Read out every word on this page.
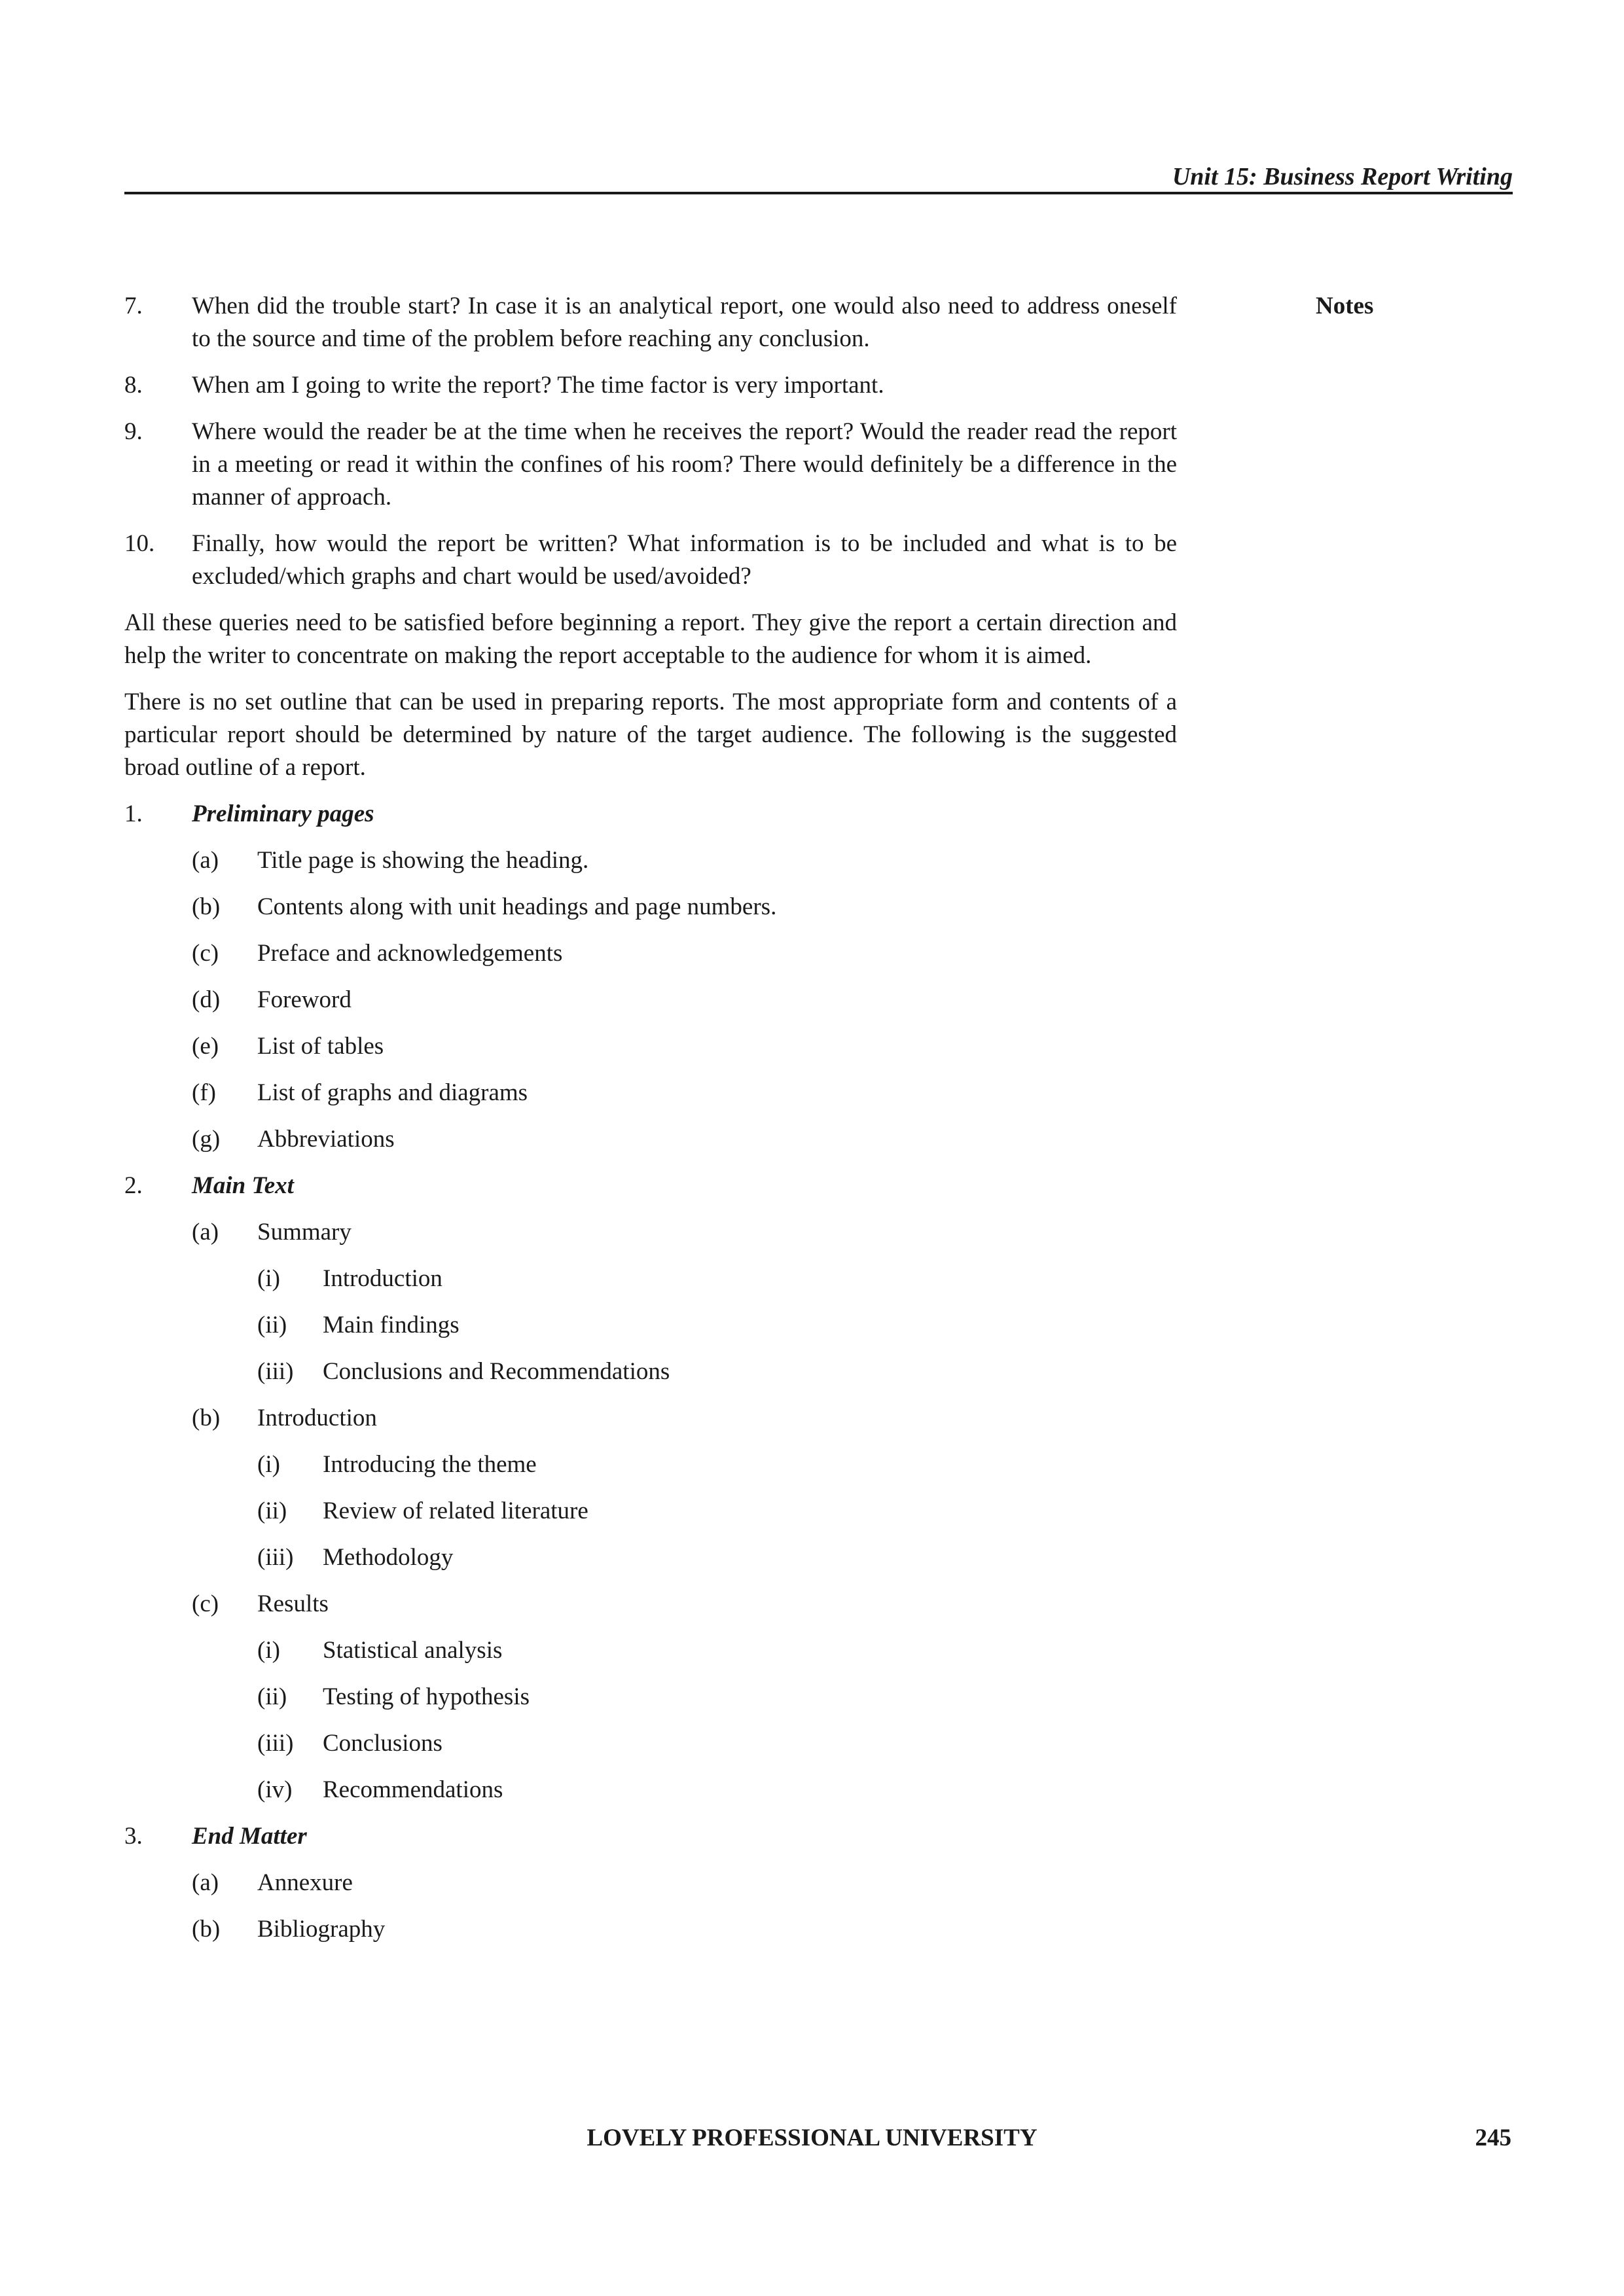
Unit 15: Business Report Writing
Notes
7. When did the trouble start? In case it is an analytical report, one would also need to address oneself to the source and time of the problem before reaching any conclusion.
8. When am I going to write the report? The time factor is very important.
9. Where would the reader be at the time when he receives the report? Would the reader read the report in a meeting or read it within the confines of his room? There would definitely be a difference in the manner of approach.
10. Finally, how would the report be written? What information is to be included and what is to be excluded/which graphs and chart would be used/avoided?
All these queries need to be satisfied before beginning a report. They give the report a certain direction and help the writer to concentrate on making the report acceptable to the audience for whom it is aimed.
There is no set outline that can be used in preparing reports. The most appropriate form and contents of a particular report should be determined by nature of the target audience. The following is the suggested broad outline of a report.
1. Preliminary pages
(a) Title page is showing the heading.
(b) Contents along with unit headings and page numbers.
(c) Preface and acknowledgements
(d) Foreword
(e) List of tables
(f) List of graphs and diagrams
(g) Abbreviations
2. Main Text
(a) Summary
(i) Introduction
(ii) Main findings
(iii) Conclusions and Recommendations
(b) Introduction
(i) Introducing the theme
(ii) Review of related literature
(iii) Methodology
(c) Results
(i) Statistical analysis
(ii) Testing of hypothesis
(iii) Conclusions
(iv) Recommendations
3. End Matter
(a) Annexure
(b) Bibliography
LOVELY PROFESSIONAL UNIVERSITY	245
